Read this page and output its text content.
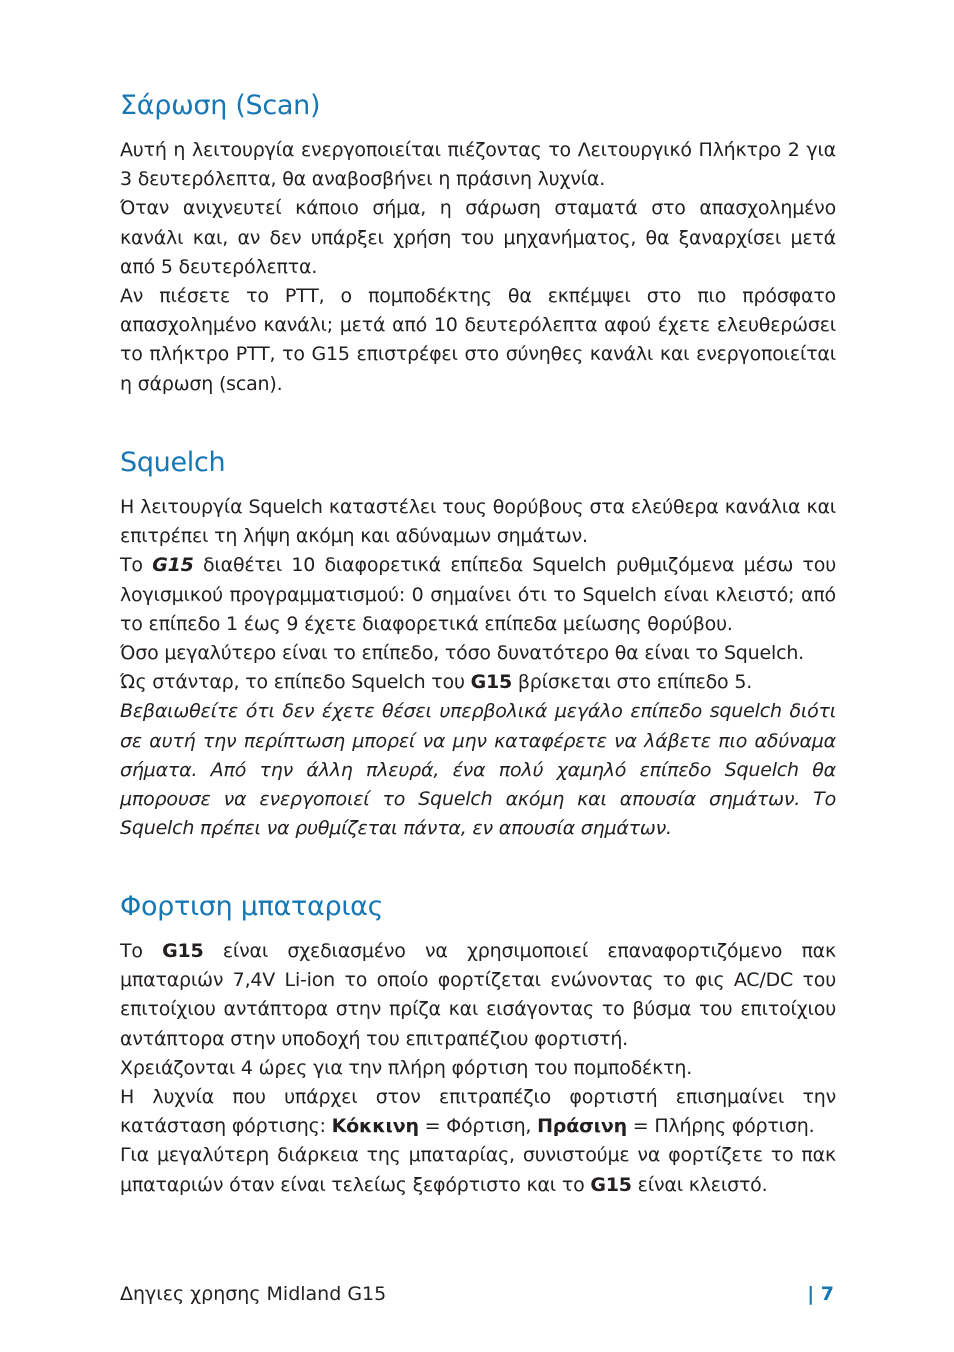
Σάρωση (Scan)

Αυτή η λειτουργία ενεργοποιείται πιέζοντας το Λειτουργικό Πλήκτρο 2 για 3 δευτερόλεπτα, θα αναβοσβήνει η πράσινη λυχνία.

Όταν ανιχνευτεί κάποιο σήμα, η σάρωση σταματά στο απασχολημένο κανάλι και, αν δεν υπάρξει χρήση του μηχανήματος, θα ξαναρχίσει μετά από 5 δευτερόλεπτα.

Αν πιέσετε το PTT, ο πομποδέκτης θα εκπέμψει στο πιο πρόσφατο απασχολημένο κανάλι; μετά από 10 δευτερόλεπτα αφού έχετε ελευθερώσει το πλήκτρο PTT, το G15 επιστρέφει στο σύνηθες κανάλι και ενεργοποιείται η σάρωση (scan).

Squelch

Η λειτουργία Squelch καταστέλει τους θορύβους στα ελεύθερα κανάλια και επιτρέπει τη λήψη ακόμη και αδύναμων σημάτων.

Το G15 διαθέτει 10 διαφορετικά επίπεδα Squelch ρυθμιζόμενα μέσω του λογισμικού προγραμματισμού: 0 σημαίνει ότι το Squelch είναι κλειστό; από το επίπεδο 1 έως 9 έχετε διαφορετικά επίπεδα μείωσης θορύβου.

Όσο μεγαλύτερο είναι το επίπεδο, τόσο δυνατότερο θα είναι το Squelch.

Ώς στάνταρ, το επίπεδο Squelch του G15 βρίσκεται στο επίπεδο 5.

Βεβαιωθείτε ότι δεν έχετε θέσει υπερβολικά μεγάλο επίπεδο squelch διότι σε αυτή την περίπτωση μπορεί να μην καταφέρετε να λάβετε πιο αδύναμα σήματα. Από την άλλη πλευρά, ένα πολύ χαμηλό επίπεδο Squelch θα μπορουσε να ενεργοποιεί το Squelch ακόμη και απουσία σημάτων. Το Squelch πρέπει να ρυθμίζεται πάντα, εν απουσία σημάτων.

Φορτιση μπαταριας

Το G15 είναι σχεδιασμένο να χρησιμοποιεί επαναφορτιζόμενο πακ μπαταριών 7,4V Li-ion το οποίο φορτίζεται ενώνοντας το φις AC/DC του επιτοίχιου αντάπτορα στην πρίζα και εισάγοντας το βύσμα του επιτοίχιου αντάπτορα στην υποδοχή του επιτραπέζιου φορτιστή.

Χρειάζονται 4 ώρες για την πλήρη φόρτιση του πομποδέκτη.

Η λυχνία που υπάρχει στον επιτραπέζιο φορτιστή επισημαίνει την κατάσταση φόρτισης: Κόκκινη = Φόρτιση, Πράσινη = Πλήρης φόρτιση.

Για μεγαλύτερη διάρκεια της μπαταρίας, συνιστούμε να φορτίζετε το πακ μπαταριών όταν είναι τελείως ξεφόρτιστο και το G15 είναι κλειστό.

Δηγιες χρησης Midland G15	| 7
